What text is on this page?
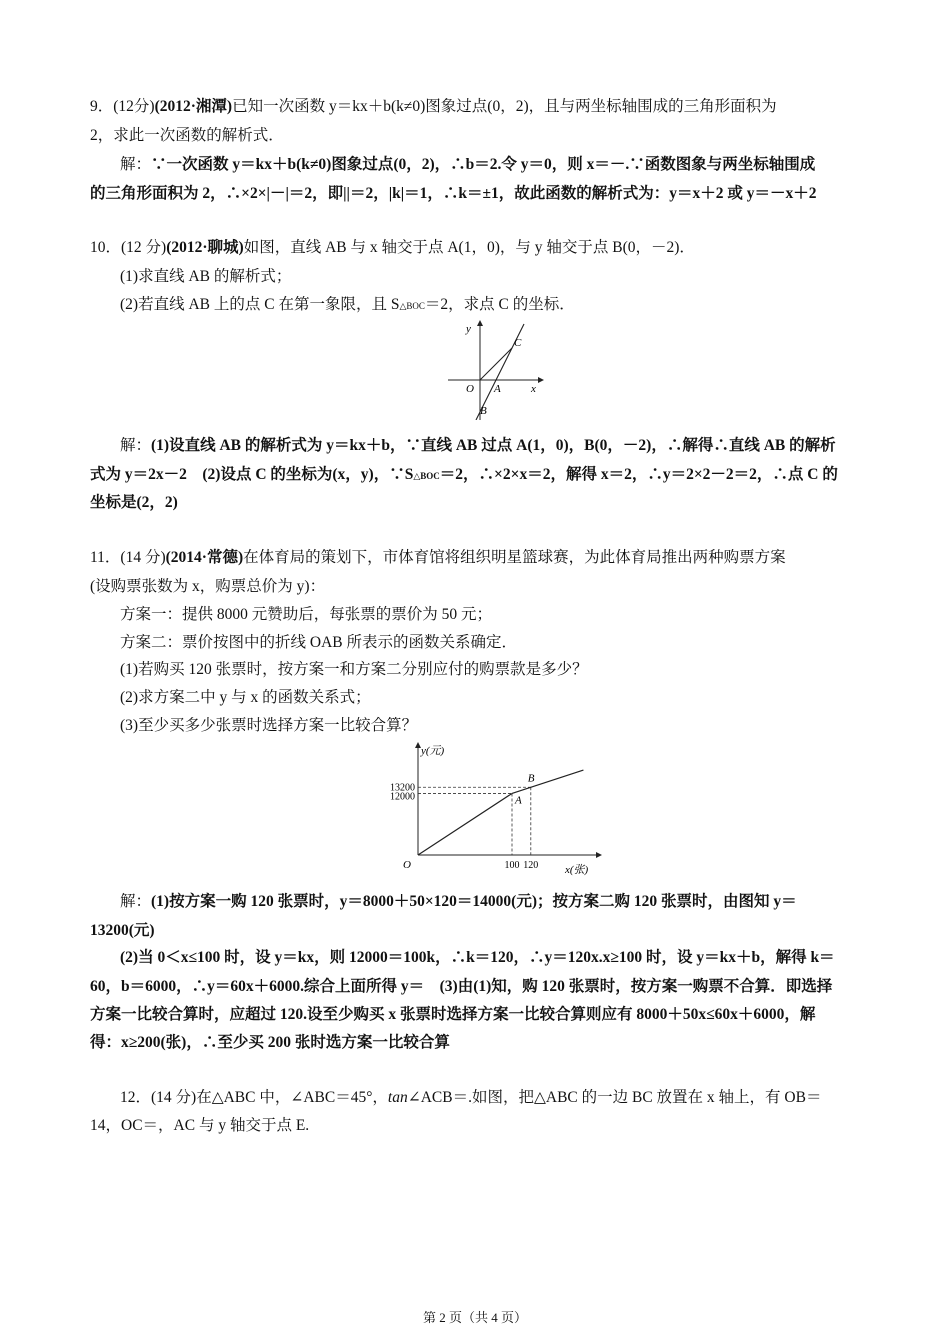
9．(12分)(2012·湘潭)已知一次函数 y＝kx＋b(k≠0)图象过点(0，2)，且与两坐标轴围成的三角形面积为
2，求此一次函数的解析式．
解：∵一次函数 y＝kx＋b(k≠0)图象过点(0，2)，∴b＝2.令 y＝0，则 x＝－.∵函数图象与两坐标轴围成
的三角形面积为 2，∴×2×|－|＝2，即||＝2，|k|＝1，∴k＝±1，故此函数的解析式为：y＝x＋2 或 y＝－x＋2
10．(12 分)(2012·聊城)如图，直线 AB 与 x 轴交于点 A(1，0)，与 y 轴交于点 B(0，－2)．
(1)求直线 AB 的解析式；
(2)若直线 AB 上的点 C 在第一象限，且 S△BOC＝2，求点 C 的坐标．
y
x
O A
B
C
解：(1)设直线 AB 的解析式为 y＝kx＋b，∵直线 AB 过点 A(1，0)，B(0，－2)，∴解得∴直线 AB 的解析
式为 y＝2x－2　(2)设点 C 的坐标为(x，y)，∵S△BOC＝2，∴×2×x＝2，解得 x＝2，∴y＝2×2－2＝2，∴点 C 的
坐标是(2，2)
11．(14 分)(2014·常德)在体育局的策划下，市体育馆将组织明星篮球赛，为此体育局推出两种购票方案
(设购票张数为 x，购票总价为 y)：
方案一：提供 8000 元赞助后，每张票的票价为 50 元；
方案二：票价按图中的折线 OAB 所表示的函数关系确定．
(1)若购买 120 张票时，按方案一和方案二分别应付的购票款是多少？
(2)求方案二中 y 与 x 的函数关系式；
(3)至少买多少张票时选择方案一比较合算？
y(元)
x(张)
O
13200
12000
100 120
A
B
解：(1)按方案一购 120 张票时，y＝8000＋50×120＝14000(元)；按方案二购 120 张票时，由图知 y＝
13200(元)
(2)当 0＜x≤100 时，设 y＝kx，则 12000＝100k，∴k＝120，∴y＝120x.x≥100 时，设 y＝kx＋b，解得 k＝
60，b＝6000，∴y＝60x＋6000.综合上面所得 y＝　(3)由(1)知，购 120 张票时，按方案一购票不合算．即选择
方案一比较合算时，应超过 120.设至少购买 x 张票时选择方案一比较合算则应有 8000＋50x≤60x＋6000，解
得：x≥200(张)，∴至少买 200 张时选方案一比较合算
12．(14 分)在△ABC 中，∠ABC＝45°，tan∠ACB＝.如图，把△ABC 的一边 BC 放置在 x 轴上，有 OB＝
14，OC＝，AC 与 y 轴交于点 E.
第 2 页（共 4 页）
